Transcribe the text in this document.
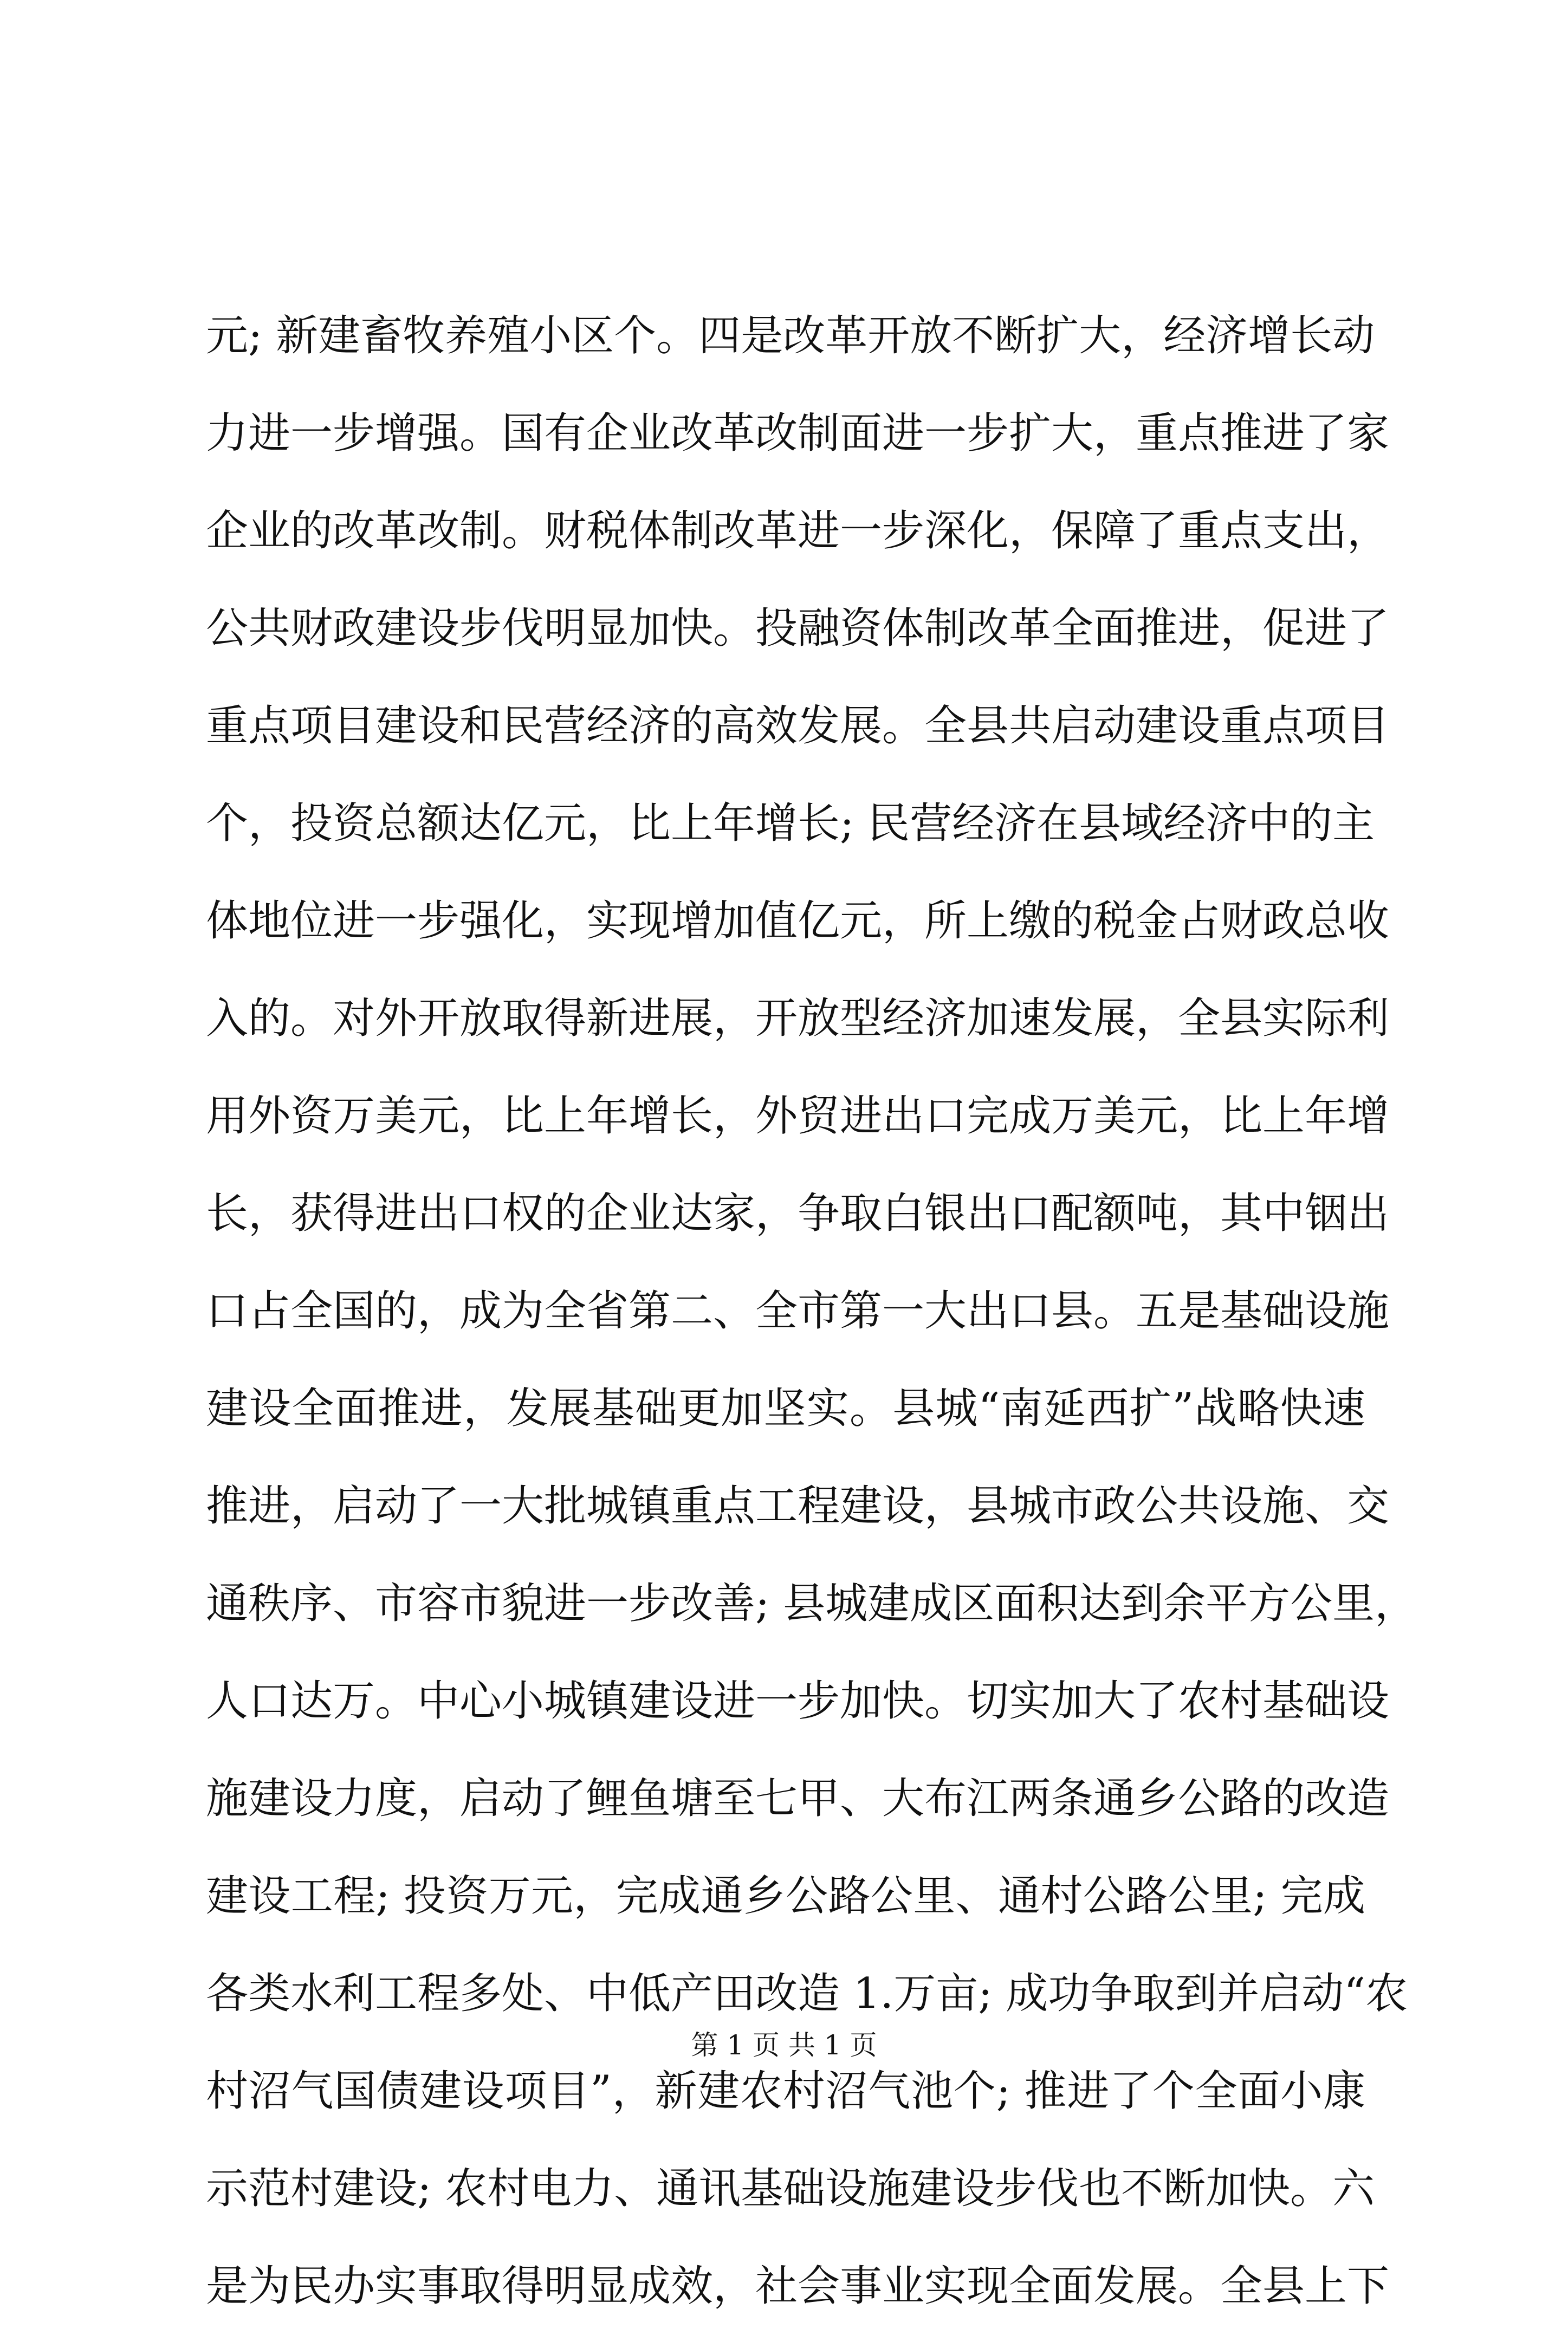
元; 新建畜牧养殖小区个。四是改革开放不断扩大，经济增长动
力进一步增强。国有企业改革改制面进一步扩大，重点推进了家
企业的改革改制。财税体制改革进一步深化，保障了重点支出，
公共财政建设步伐明显加快。投融资体制改革全面推进，促进了
重点项目建设和民营经济的高效发展。全县共启动建设重点项目
个，投资总额达亿元，比上年增长; 民营经济在县域经济中的主
体地位进一步强化，实现增加值亿元，所上缴的税金占财政总收
入的。对外开放取得新进展，开放型经济加速发展，全县实际利
用外资万美元，比上年增长，外贸进出口完成万美元，比上年增
长，获得进出口权的企业达家，争取白银出口配额吨，其中铟出
口占全国的，成为全省第二、全市第一大出口县。五是基础设施
建设全面推进，发展基础更加坚实。县城“南延西扩”战略快速
推进，启动了一大批城镇重点工程建设，县城市政公共设施、交
通秩序、市容市貌进一步改善; 县城建成区面积达到余平方公里，
人口达万。中心小城镇建设进一步加快。切实加大了农村基础设
施建设力度，启动了鲤鱼塘至七甲、大布江两条通乡公路的改造
建设工程; 投资万元，完成通乡公路公里、通村公路公里; 完成
各类水利工程多处、中低产田改造 1.万亩; 成功争取到并启动“农
村沼气国债建设项目”，新建农村沼气池个; 推进了个全面小康
示范村建设; 农村电力、通讯基础设施建设步伐也不断加快。六
是为民办实事取得明显成效，社会事业实现全面发展。全县上下
第 1 页 共 1 页
